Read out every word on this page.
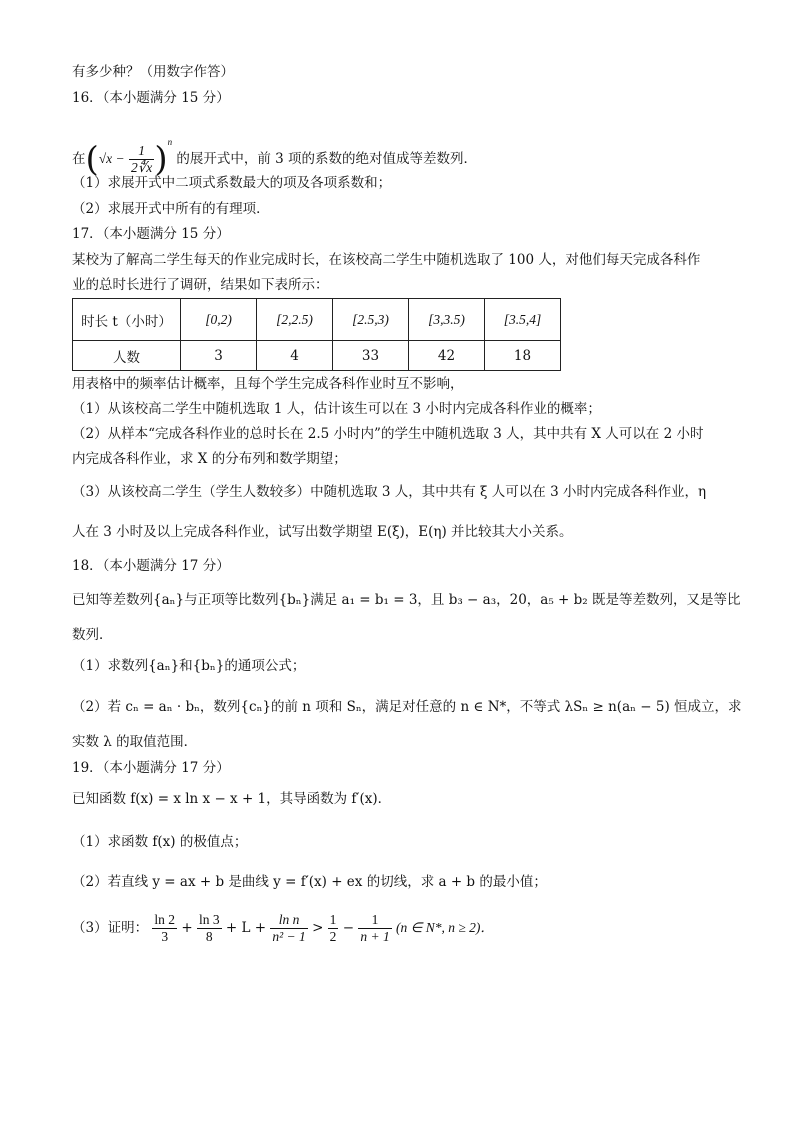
有多少种？（用数字作答）
16．（本小题满分 15 分）
在$(√x - \frac{1}{2∜x} )^n$ 的展开式中，前 3 项的系数的绝对值成等差数列．
（1）求展开式中二项式系数最大的项及各项系数和；
（2）求展开式中所有的有理项．
17．（本小题满分 15 分）
某校为了解高二学生每天的作业完成时长，在该校高二学生中随机选取了 100 人，对他们每天完成各科作
业的总时长进行了调研，结果如下表所示：
时长 t（小时）	[0,2)	[2,2.5)	[2.5,3)	[3,3.5)	[3.5,4]
人数	3	4	33	42	18
用表格中的频率估计概率，且每个学生完成各科作业时互不影响，
（1）从该校高二学生中随机选取 1 人，估计该生可以在 3 小时内完成各科作业的概率；
（2）从样本“完成各科作业的总时长在 2.5 小时内”的学生中随机选取 3 人，其中共有 X 人可以在 2 小时
内完成各科作业，求 X 的分布列和数学期望；
（3）从该校高二学生（学生人数较多）中随机选取 3 人，其中共有 ξ 人可以在 3 小时内完成各科作业，η
人在 3 小时及以上完成各科作业，试写出数学期望 E(ξ)，E(η) 并比较其大小关系。
18．（本小题满分 17 分）
已知等差数列{aₙ}与正项等比数列{bₙ}满足 a₁ = b₁ = 3，且 b₃ − a₃，20，a₅ + b₂ 既是等差数列，又是等比
数列．
（1）求数列{aₙ}和{bₙ}的通项公式；
（2）若 cₙ = aₙ · bₙ，数列{cₙ}的前 n 项和 Sₙ，满足对任意的 n ∈ N*，不等式 λSₙ ≥ n(aₙ − 5) 恒成立，求
实数 λ 的取值范围．
19．（本小题满分 17 分）
已知函数 f(x) = x ln x − x + 1，其导函数为 f′(x)．
（1）求函数 f(x) 的极值点；
（2）若直线 y = ax + b 是曲线 y = f′(x) + ex 的切线，求 a + b 的最小值；
（3）证明： $\frac{\ln 2}{3} + \frac{\ln 3}{8} + L + \frac{\text{ln n}}{\text{n² − 1}} > \frac{1}{2} - \frac{1}{n + 1} (n$ ∈ N*, n ≥ 2)．
